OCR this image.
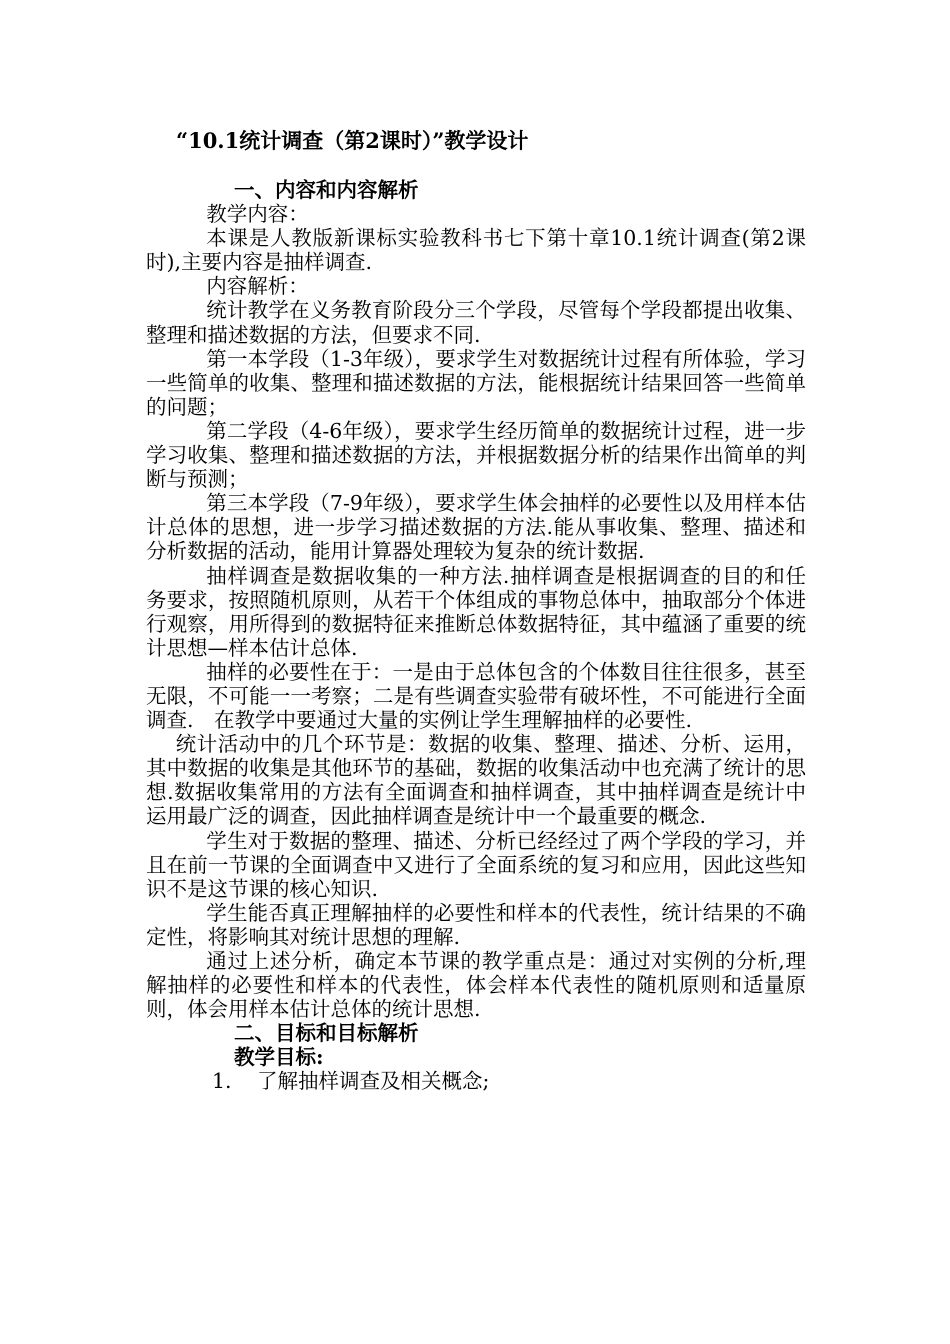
“10.1统计调查（第2课时）”教学设计

一、内容和内容解析

教学内容：

本课是人教版新课标实验教科书七下第十章10.1统计调查(第2课时),主要内容是抽样调查.

内容解析：

统计教学在义务教育阶段分三个学段，尽管每个学段都提出收集、整理和描述数据的方法，但要求不同.

第一本学段（1-3年级），要求学生对数据统计过程有所体验，学习一些简单的收集、整理和描述数据的方法，能根据统计结果回答一些简单的问题；

第二学段（4-6年级），要求学生经历简单的数据统计过程，进一步学习收集、整理和描述数据的方法，并根据数据分析的结果作出简单的判断与预测；

第三本学段（7-9年级），要求学生体会抽样的必要性以及用样本估计总体的思想，进一步学习描述数据的方法.能从事收集、整理、描述和分析数据的活动，能用计算器处理较为复杂的统计数据.

抽样调查是数据收集的一种方法.抽样调查是根据调查的目的和任务要求，按照随机原则，从若干个体组成的事物总体中，抽取部分个体进行观察，用所得到的数据特征来推断总体数据特征，其中蕴涵了重要的统计思想—样本估计总体.

抽样的必要性在于：一是由于总体包含的个体数目往往很多，甚至无限，不可能一一考察；二是有些调查实验带有破坏性，不可能进行全面调查.　在教学中要通过大量的实例让学生理解抽样的必要性.

统计活动中的几个环节是：数据的收集、整理、描述、分析、运用，其中数据的收集是其他环节的基础，数据的收集活动中也充满了统计的思想.数据收集常用的方法有全面调查和抽样调查，其中抽样调查是统计中运用最广泛的调查，因此抽样调查是统计中一个最重要的概念.

学生对于数据的整理、描述、分析已经经过了两个学段的学习，并且在前一节课的全面调查中又进行了全面系统的复习和应用，因此这些知识不是这节课的核心知识.

学生能否真正理解抽样的必要性和样本的代表性，统计结果的不确定性，将影响其对统计思想的理解.

通过上述分析，确定本节课的教学重点是：通过对实例的分析,理解抽样的必要性和样本的代表性，体会样本代表性的随机原则和适量原则，体会用样本估计总体的统计思想.

二、目标和目标解析

教学目标:

1. 了解抽样调查及相关概念;
